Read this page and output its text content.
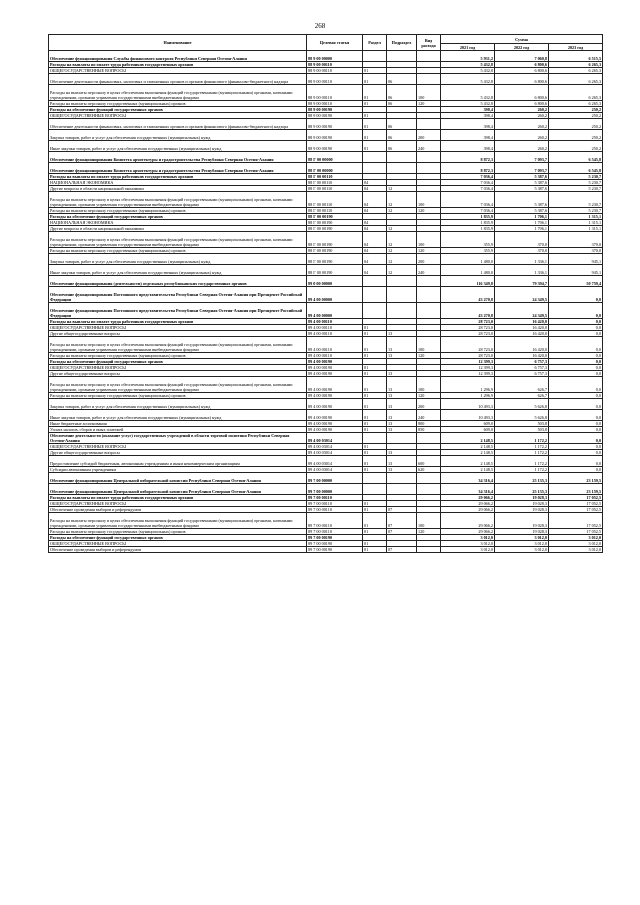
268
Наименование	Целевая статья	Раздел	Подраздел	Вид расхода	Сумма		
					2021 год	2022 год	2023 год
Обеспечение функционирования Службы финансового контроля Республики Северная Осетия-Алания	88 9 00 00000				5 931,2	7 060,8	6 515,5
Расходы на выплаты по оплате труда работников государственных органов	88 9 00 00110				5 432,8	6 800,6	6 265,3
ОБЩЕГОСУДАРСТВЕННЫЕ ВОПРОСЫ	88 9 00 00110	01			5 432,8	6 800,6	6 265,3
Обеспечение деятельности финансовых, налоговых и таможенных органов и органов финансового (финансово-бюджетного) надзора	88 9 00 00110	01	06		5 432,8	6 800,6	6 265,3
Расходы на выплаты персоналу в целях обеспечения выполнения функций государственными (муниципальными) органами, казенными учреждениями, органами управления государственными внебюджетными фондами	88 9 00 00110	01	06	100	5 432,8	6 800,6	6 265,3
Расходы на выплаты персоналу государственных (муниципальных) органов	88 9 00 00110	01	06	120	5 432,8	6 800,6	6 265,3
Расходы на обеспечение функций государственных органов	88 9 00 00190				398,4	260,2	250,2
ОБЩЕГОСУДАРСТВЕННЫЕ ВОПРОСЫ	88 9 00 00190	01			398,4	260,2	250,2
Обеспечение деятельности финансовых, налоговых и таможенных органов и органов финансового (финансово-бюджетного) надзора	88 9 00 00190	01	06		398,4	260,2	250,2
Закупка товаров, работ и услуг для обеспечения государственных (муниципальных) нужд	88 9 00 00190	01	06	200	398,4	260,2	250,2
Иные закупки товаров, работ и услуг для обеспечения государственных (муниципальных) нужд	88 9 00 00190	01	06	240	398,4	260,2	250,2
Обеспечение функционирования Комитета архитектуры и градостроительства Республики Северная Осетия-Алания	88 Г 00 00000				8 872,3	7 093,7	6 545,8
Обеспечение функционирования Комитета архитектуры и градостроительства Республики Северная Осетия-Алания	88 Г 00 00000				8 872,3	7 093,7	6 545,8
Расходы на выплаты по оплате труда работников государственных органов	88 Г 00 00110				7 036,4	5 387,6	5 230,7
НАЦИОНАЛЬНАЯ ЭКОНОМИКА	88 Г 00 00110	04			7 036,4	5 387,6	5 230,7
Другие вопросы в области национальной экономики	88 Г 00 00110	04	12		7 036,4	5 387,6	5 230,7
Расходы на выплаты персоналу в целях обеспечения выполнения функций государственными (муниципальными) органами, казенными учреждениями, органами управления государственными внебюджетными фондами	88 Г 00 00110	04	12	100	7 036,4	5 387,6	5 230,7
Расходы на выплаты персоналу государственных (муниципальных) органов	88 Г 00 00110	04	12	120	7 036,4	5 387,6	5 230,7
Расходы на обеспечение функций государственных органов	88 Г 00 00190				1 835,9	1 706,1	1 315,1
НАЦИОНАЛЬНАЯ ЭКОНОМИКА	88 Г 00 00190	04			1 835,9	1 706,1	1 315,1
Другие вопросы в области национальной экономики	88 Г 00 00190	04	12		1 835,9	1 706,1	1 315,1
Расходы на выплаты персоналу в целях обеспечения выполнения функций государственными (муниципальными) органами, казенными учреждениями, органами управления государственными внебюджетными фондами	88 Г 00 00190	04	12	100	355,9	370,0	370,0
Расходы на выплаты персоналу государственных (муниципальных) органов	88 Г 00 00190	04	12	120	355,9	370,0	370,0
Закупка товаров, работ и услуг для обеспечения государственных (муниципальных) нужд	88 Г 00 00190	04	12	200	1 480,0	1 336,1	945,1
Иные закупки товаров, работ и услуг для обеспечения государственных (муниципальных) нужд	88 Г 00 00190	04	12	240	1 480,0	1 336,1	945,1
Обеспечение функционирования (деятельности) отдельных республиканских государственных органов	89 0 00 00000				116 349,8	79 394,7	50 759,4
Обеспечение функционирования Постоянного представительства Республики Северная Осетия-Алания при Президенте Российской Федерации	89 4 00 00000				43 270,8	24 349,5	0,0
Обеспечение функционирования Постоянного представительства Республики Северная Осетия-Алания при Президенте Российской Федерации	89 4 00 00000				43 270,8	24 349,5	0,0
Расходы на выплаты по оплате труда работников государственных органов	89 4 00 00110				28 723,0	16 420,0	0,0
ОБЩЕГОСУДАРСТВЕННЫЕ ВОПРОСЫ	89 4 00 00110	01			28 723,0	16 420,0	0,0
Другие общегосударственные вопросы	89 4 00 00110	01	13		28 723,0	16 420,0	0,0
Расходы на выплаты персоналу в целях обеспечения выполнения функций государственными (муниципальными) органами, казенными учреждениями, органами управления государственными внебюджетными фондами	89 4 00 00110	01	13	100	28 723,0	16 420,0	0,0
Расходы на выплаты персоналу государственных (муниципальных) органов	89 4 00 00110	01	13	120	28 723,0	16 420,0	0,0
Расходы на обеспечение функций государственных органов	89 4 00 00190				12 399,3	6 757,3	0,0
ОБЩЕГОСУДАРСТВЕННЫЕ ВОПРОСЫ	89 4 00 00190	01			12 399,3	6 757,3	0,0
Другие общегосударственные вопросы	89 4 00 00190	01	13		12 399,3	6 757,3	0,0
Расходы на выплаты персоналу в целях обеспечения выполнения функций государственными (муниципальными) органами, казенными учреждениями, органами управления государственными внебюджетными фондами	89 4 00 00190	01	13	100	1 296,9	626,7	0,0
Расходы на выплаты персоналу государственных (муниципальных) органов	89 4 00 00190	01	13	120	1 296,9	626,7	0,0
Закупка товаров, работ и услуг для обеспечения государственных (муниципальных) нужд	89 4 00 00190	01	13	200	10 493,3	5 626,8	0,0
Иные закупки товаров, работ и услуг для обеспечения государственных (муниципальных) нужд	89 4 00 00190	01	13	240	10 493,3	5 626,8	0,0
Иные бюджетные ассигнования	89 4 00 00190	01	13	800	609,0	503,8	0,0
Уплата налогов, сборов и иных платежей	89 4 00 00190	01	13	850	609,0	503,8	0,0
Обеспечение деятельности (оказание услуг) государственных учреждений в области торговой политики Республики Северная Осетия-Алания	89 4 00 03014				2 148,5	1 172,2	0,0
ОБЩЕГОСУДАРСТВЕННЫЕ ВОПРОСЫ	89 4 00 03014	01			2 148,5	1 172,2	0,0
Другие общегосударственные вопросы	89 4 00 03014	01	13		2 148,5	1 172,2	0,0
Предоставление субсидий бюджетным, автономным учреждениям и иным некоммерческим организациям	89 4 00 03014	01	13	600	2 148,5	1 172,2	0,0
Субсидии автономным учреждениям	89 4 00 03014	01	13	620	2 148,5	1 172,2	0,0
Обеспечение функционирования Центральной избирательной комиссии Республики Северная Осетия-Алания	89 7 00 00000				34 316,4	25 135,3	23 159,5
Обеспечение функционирования Центральной избирательной комиссии Республики Северная Осетия-Алания	89 7 00 00000				34 316,4	25 135,3	23 159,5
Расходы на выплаты по оплате труда работников государственных органов	89 7 00 00110				29 066,2	19 028,3	17 052,5
ОБЩЕГОСУДАРСТВЕННЫЕ ВОПРОСЫ	89 7 00 00110	01			29 066,2	19 028,3	17 052,5
Обеспечение проведения выборов и референдумов	89 7 00 00110	01	07		29 066,2	19 028,3	17 052,5
Расходы на выплаты персоналу в целях обеспечения выполнения функций государственными (муниципальными) органами, казенными учреждениями, органами управления государственными внебюджетными фондами	89 7 00 00110	01	07	100	29 066,2	19 028,3	17 052,5
Расходы на выплаты персоналу государственных (муниципальных) органов	89 7 00 00110	01	07	120	29 066,2	19 028,3	17 052,5
Расходы на обеспечение функций государственных органов	89 7 00 00190				3 012,0	3 012,0	3 012,0
ОБЩЕГОСУДАРСТВЕННЫЕ ВОПРОСЫ	89 7 00 00190	01			3 012,0	3 012,0	3 012,0
Обеспечение проведения выборов и референдумов	89 7 00 00190	01	07		3 012,0	3 012,0	3 012,0
